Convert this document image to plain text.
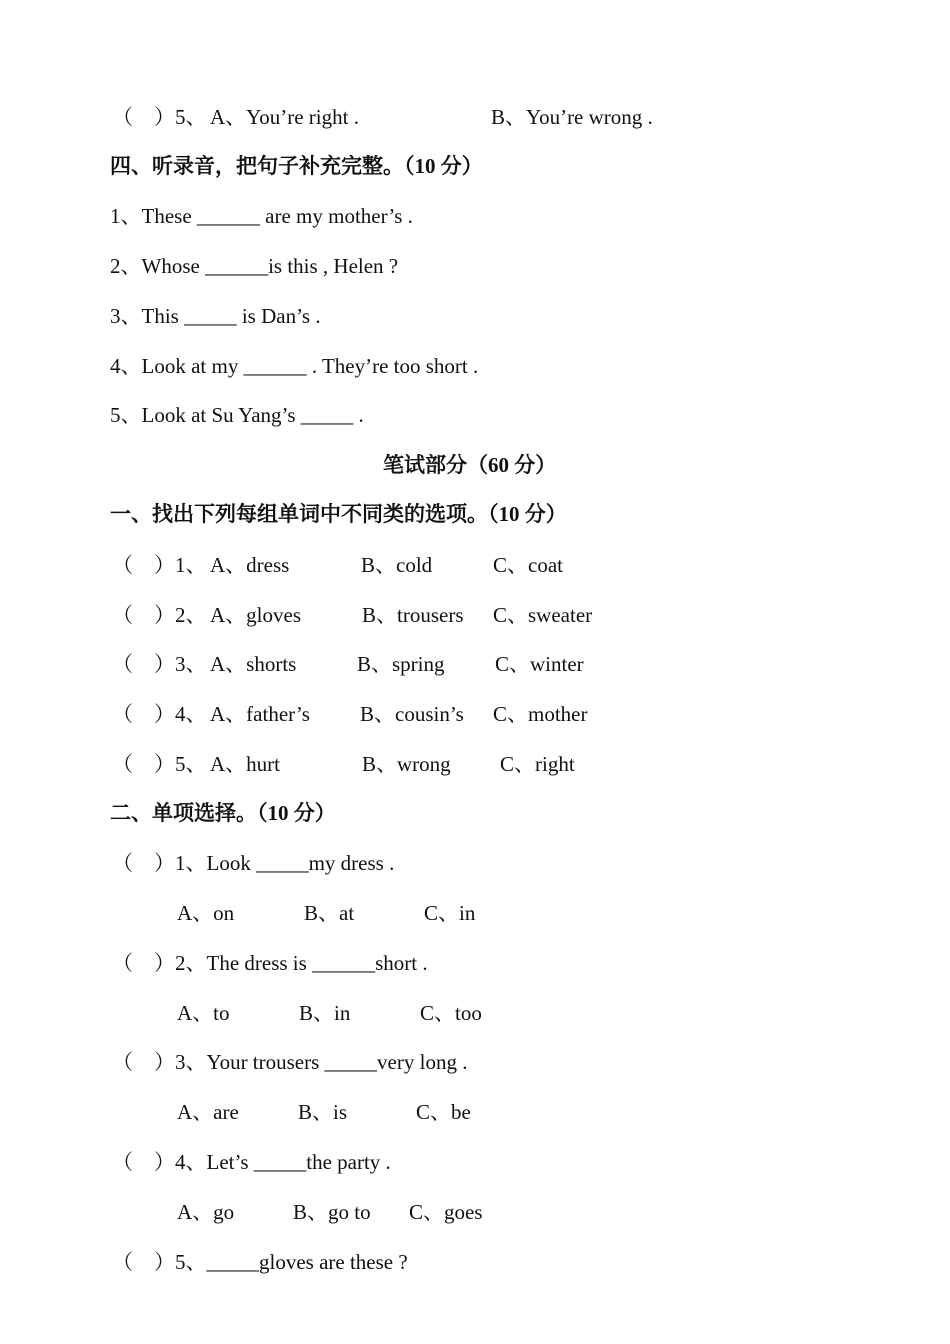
（    ） 5、 A、You’re right .	B、You’re wrong .
四、听录音，把句子补充完整。（10 分）
1、These ______ are my mother’s .
2、Whose ______is this , Helen ?
3、This _____ is Dan’s .
4、Look at my ______ . They’re too short .
5、Look at Su Yang’s _____ .
笔试部分（60 分）
一、找出下列每组单词中不同类的选项。（10 分）
（    ） 1、 A、dress	B、cold	C、coat
（    ） 2、 A、gloves	B、trousers C、sweater
（    ） 3、 A、shorts	B、spring C、winter
（    ） 4、 A、father’s B、cousin’s C、mother
（    ） 5、 A、hurt	B、wrong C、right
二、单项选择。（10 分）
（    ） 1、Look _____my dress .
A、on	B、at	C、in
（    ） 2、The dress is ______short .
A、to	B、in	C、too
（    ） 3、Your trousers _____very long .
A、are	B、is	C、be
（    ） 4、Let’s _____the party .
A、go	B、go to C、goes
（    ） 5、_____gloves are these ?
